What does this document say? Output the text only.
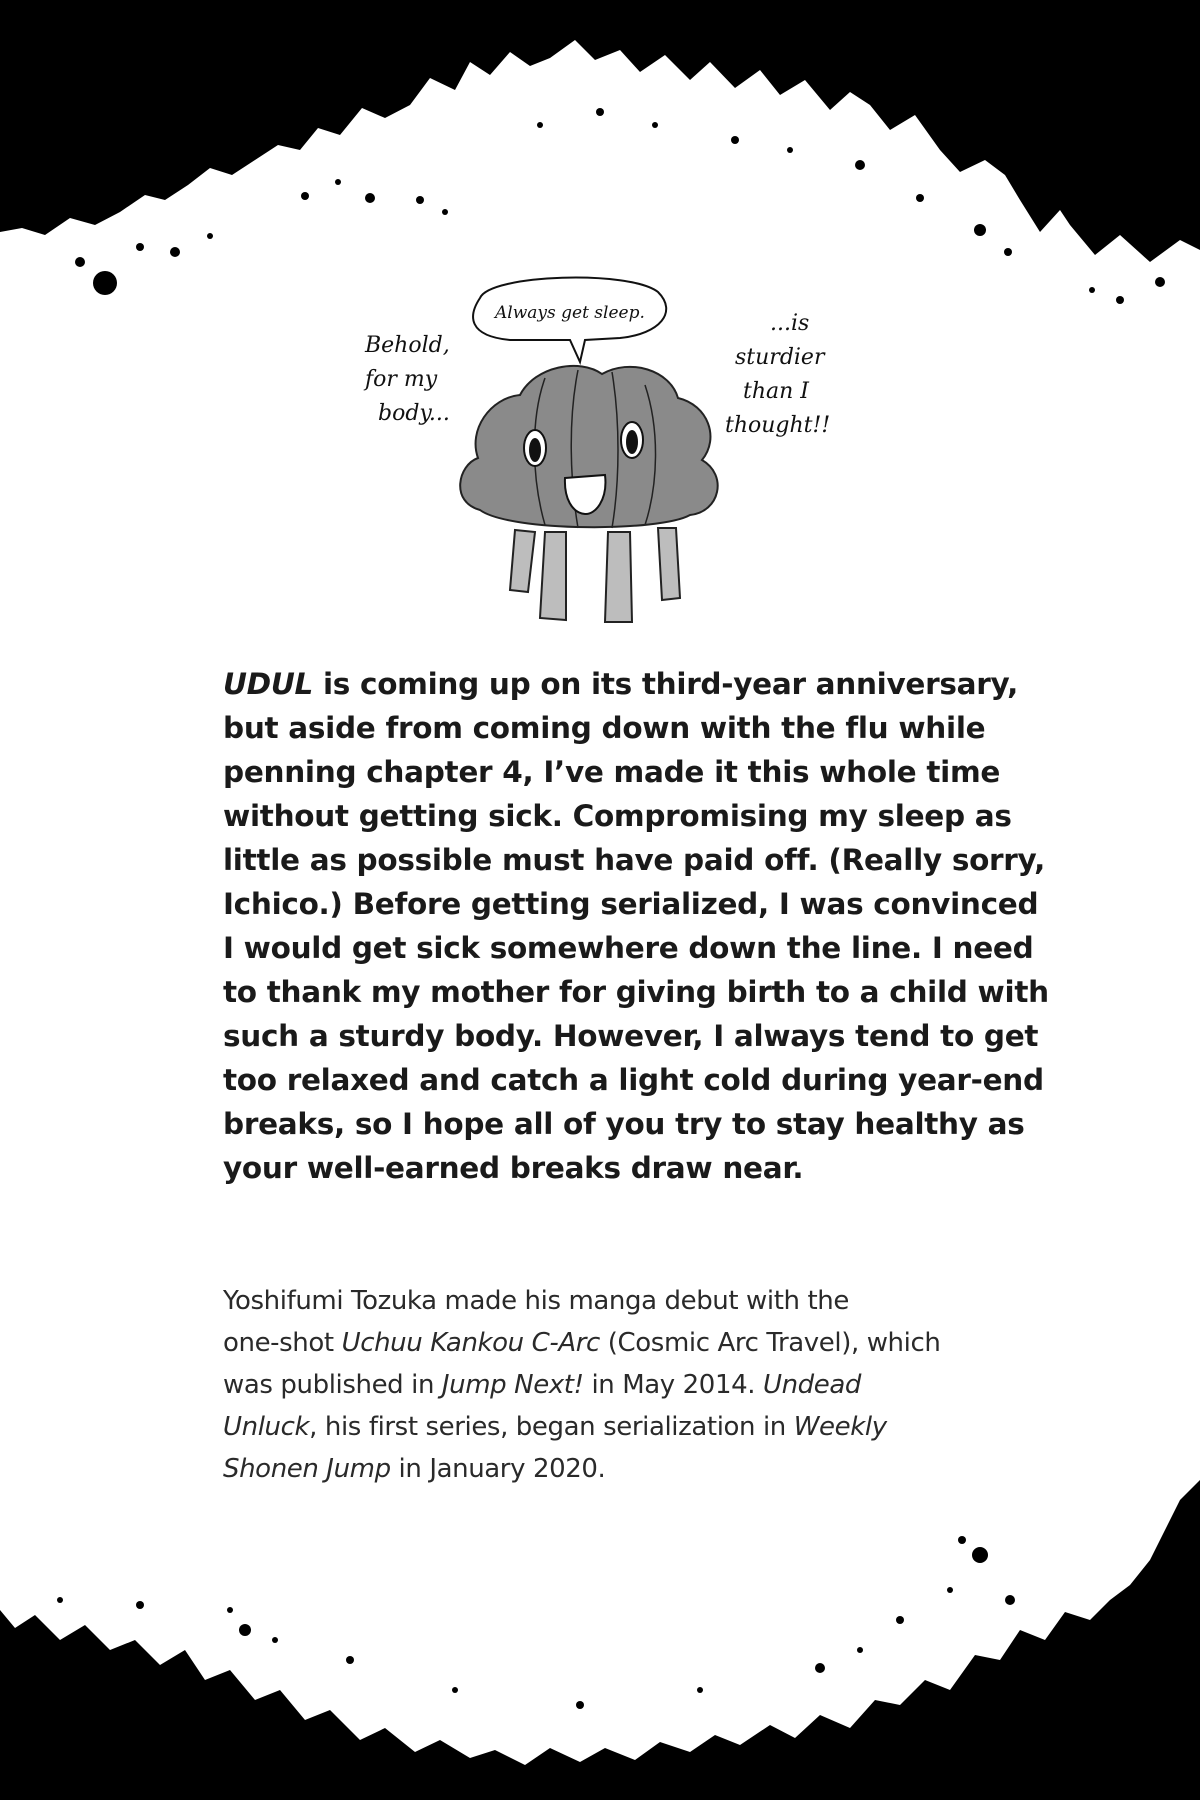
Always get sleep.
Behold, for my body...
...is sturdier than I thought!!

UDUL is coming up on its third-year anniversary,
but aside from coming down with the flu while
penning chapter 4, I’ve made it this whole time
without getting sick. Compromising my sleep as
little as possible must have paid off. (Really sorry,
Ichico.) Before getting serialized, I was convinced
I would get sick somewhere down the line. I need
to thank my mother for giving birth to a child with
such a sturdy body. However, I always tend to get
too relaxed and catch a light cold during year-end
breaks, so I hope all of you try to stay healthy as
your well-earned breaks draw near.

Yoshifumi Tozuka made his manga debut with the
one-shot Uchuu Kankou C-Arc (Cosmic Arc Travel), which
was published in Jump Next! in May 2014. Undead
Unluck, his first series, began serialization in Weekly
Shonen Jump in January 2020.
